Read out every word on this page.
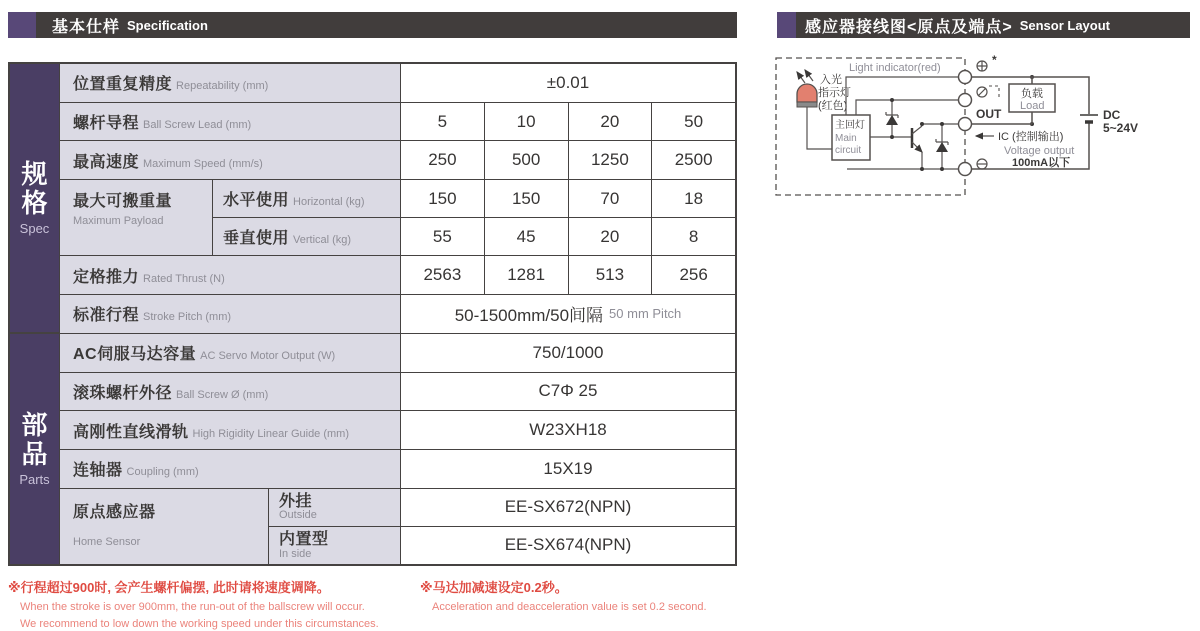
基本仕样 Specification	感应器接线图<原点及端点> Sensor Layout
规格
Spec
部品
Parts
位置重复精度 Repeatability (mm)	±0.01
螺杆导程 Ball Screw Lead (mm)	5	10	20	50
最高速度 Maximum Speed (mm/s)	250	500	1250	2500
最大可搬重量
Maximum Payload
水平使用 Horizontal (kg)	150	150	70	18
垂直使用 Vertical (kg)	55	45	20	8
定格推力 Rated Thrust (N)	2563	1281	513	256
标准行程 Stroke Pitch (mm)	50-1500mm/50间隔 50 mm Pitch
AC伺服马达容量 AC Servo Motor Output (W)	750/1000
滚珠螺杆外径 Ball Screw Ø (mm)	C7Φ 25
高刚性直线滑轨 High Rigidity Linear Guide (mm)	W23XH18
连轴器 Coupling (mm)	15X19
原点感应器
Home Sensor
外挂
Outside	EE-SX672(NPN)
内置型
In side	EE-SX674(NPN)
※行程超过900时, 会产生螺杆偏摆, 此时请将速度调降。
When the stroke is over 900mm, the run-out of the ballscrew will occur.
We recommend to low down the working speed under this circumstances.
※马达加减速设定0.2秒。
Acceleration and deacceleration value is set 0.2 second.
Light indicator(red)
入光
指示灯
(红色)
主回灯
Main
circuit
*
OUT
IC (控制输出)
Voltage output
100mA以下
负载
Load
DC
5~24V
